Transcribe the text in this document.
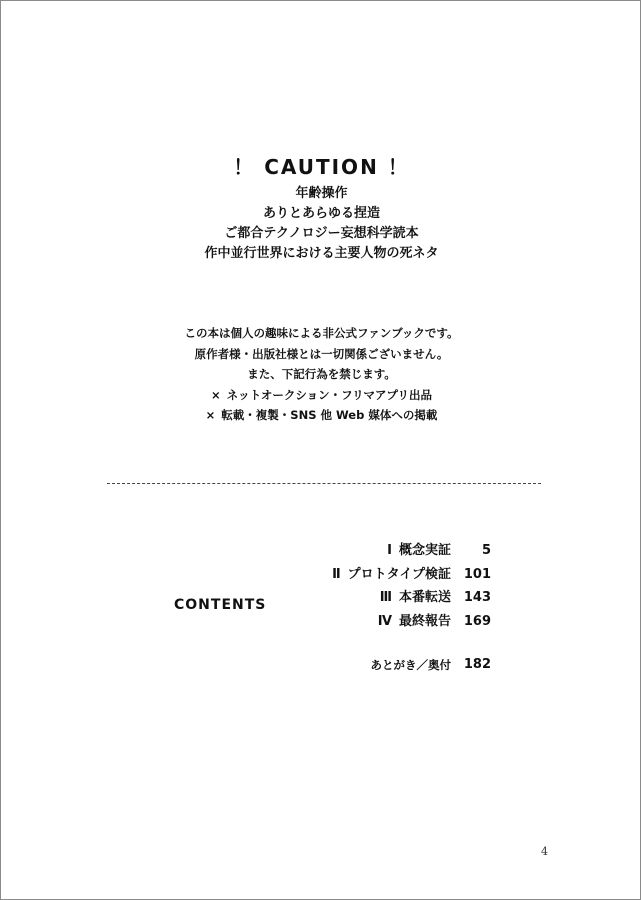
！ CAUTION ！
年齢操作
ありとあらゆる捏造
ご都合テクノロジー妄想科学読本
作中並行世界における主要人物の死ネタ
この本は個人の趣味による非公式ファンブックです。
原作者様・出版社様とは一切関係ございません。
また、下記行為を禁じます。
× ネットオークション・フリマアプリ出品
× 転載・複製・SNS 他 Web 媒体への掲載
CONTENTS
Ⅰ 概念実証	5
Ⅱ プロトタイプ検証 101
Ⅲ 本番転送 143
Ⅳ 最終報告 169
あとがき／奥付 182
4
